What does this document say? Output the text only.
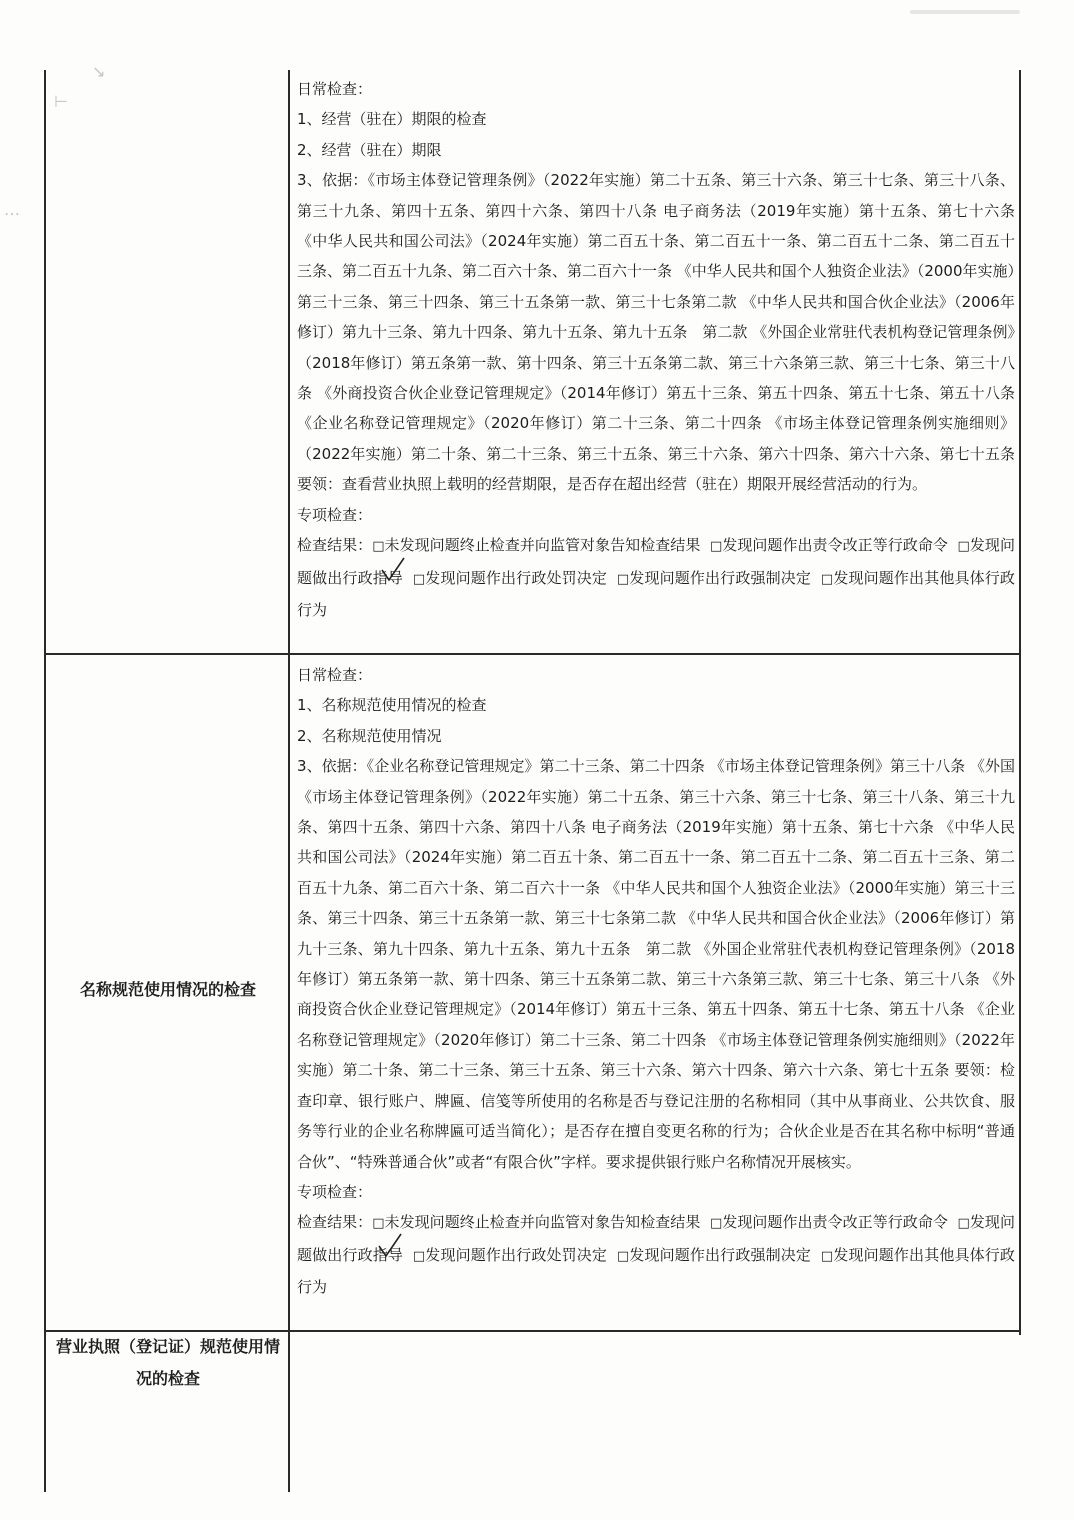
↘
⊢
…

日常检查：

1、经营（驻在）期限的检查

2、经营（驻在）期限

3、依据：《市场主体登记管理条例》（2022年实施）第二十五条、第三十六条、第三十七条、第三十八条、第三十九条、第四十五条、第四十六条、第四十八条 电子商务法（2019年实施）第十五条、第七十六条 《中华人民共和国公司法》（2024年实施）第二百五十条、第二百五十一条、第二百五十二条、第二百五十三条、第二百五十九条、第二百六十条、第二百六十一条 《中华人民共和国个人独资企业法》（2000年实施）第三十三条、第三十四条、第三十五条第一款、第三十七条第二款 《中华人民共和国合伙企业法》（2006年修订）第九十三条、第九十四条、第九十五条、第九十五条　第二款 《外国企业常驻代表机构登记管理条例》（2018年修订）第五条第一款、第十四条、第三十五条第二款、第三十六条第三款、第三十七条、第三十八条 《外商投资合伙企业登记管理规定》（2014年修订）第五十三条、第五十四条、第五十七条、第五十八条 《企业名称登记管理规定》（2020年修订）第二十三条、第二十四条 《市场主体登记管理条例实施细则》（2022年实施）第二十条、第二十三条、第三十五条、第三十六条、第六十四条、第六十六条、第七十五条 要领：查看营业执照上载明的经营期限，是否存在超出经营（驻在）期限开展经营活动的行为。

专项检查：

检查结果：□未发现问题终止检查并向监管对象告知检查结果 □发现问题作出责令改正等行政命令 □发现问题做出行政指导 □发现问题作出行政处罚决定 □发现问题作出行政强制决定 □发现问题作出其他具体行政行为

名称规范使用情况的检查

日常检查：

1、名称规范使用情况的检查

2、名称规范使用情况

3、依据：《企业名称登记管理规定》第二十三条、第二十四条 《市场主体登记管理条例》第三十八条 《外国《市场主体登记管理条例》（2022年实施）第二十五条、第三十六条、第三十七条、第三十八条、第三十九条、第四十五条、第四十六条、第四十八条 电子商务法（2019年实施）第十五条、第七十六条 《中华人民共和国公司法》（2024年实施）第二百五十条、第二百五十一条、第二百五十二条、第二百五十三条、第二百五十九条、第二百六十条、第二百六十一条 《中华人民共和国个人独资企业法》（2000年实施）第三十三条、第三十四条、第三十五条第一款、第三十七条第二款 《中华人民共和国合伙企业法》（2006年修订）第九十三条、第九十四条、第九十五条、第九十五条　第二款 《外国企业常驻代表机构登记管理条例》（2018年修订）第五条第一款、第十四条、第三十五条第二款、第三十六条第三款、第三十七条、第三十八条 《外商投资合伙企业登记管理规定》（2014年修订）第五十三条、第五十四条、第五十七条、第五十八条 《企业名称登记管理规定》（2020年修订）第二十三条、第二十四条 《市场主体登记管理条例实施细则》（2022年实施）第二十条、第二十三条、第三十五条、第三十六条、第六十四条、第六十六条、第七十五条 要领：检查印章、银行账户、牌匾、信笺等所使用的名称是否与登记注册的名称相同（其中从事商业、公共饮食、服务等行业的企业名称牌匾可适当简化）；是否存在擅自变更名称的行为；合伙企业是否在其名称中标明“普通合伙”、“特殊普通合伙”或者“有限合伙”字样。要求提供银行账户名称情况开展核实。

专项检查：

检查结果：□未发现问题终止检查并向监管对象告知检查结果 □发现问题作出责令改正等行政命令 □发现问题做出行政指导 □发现问题作出行政处罚决定 □发现问题作出行政强制决定 □发现问题作出其他具体行政行为

营业执照（登记证）规范使用情况的检查
